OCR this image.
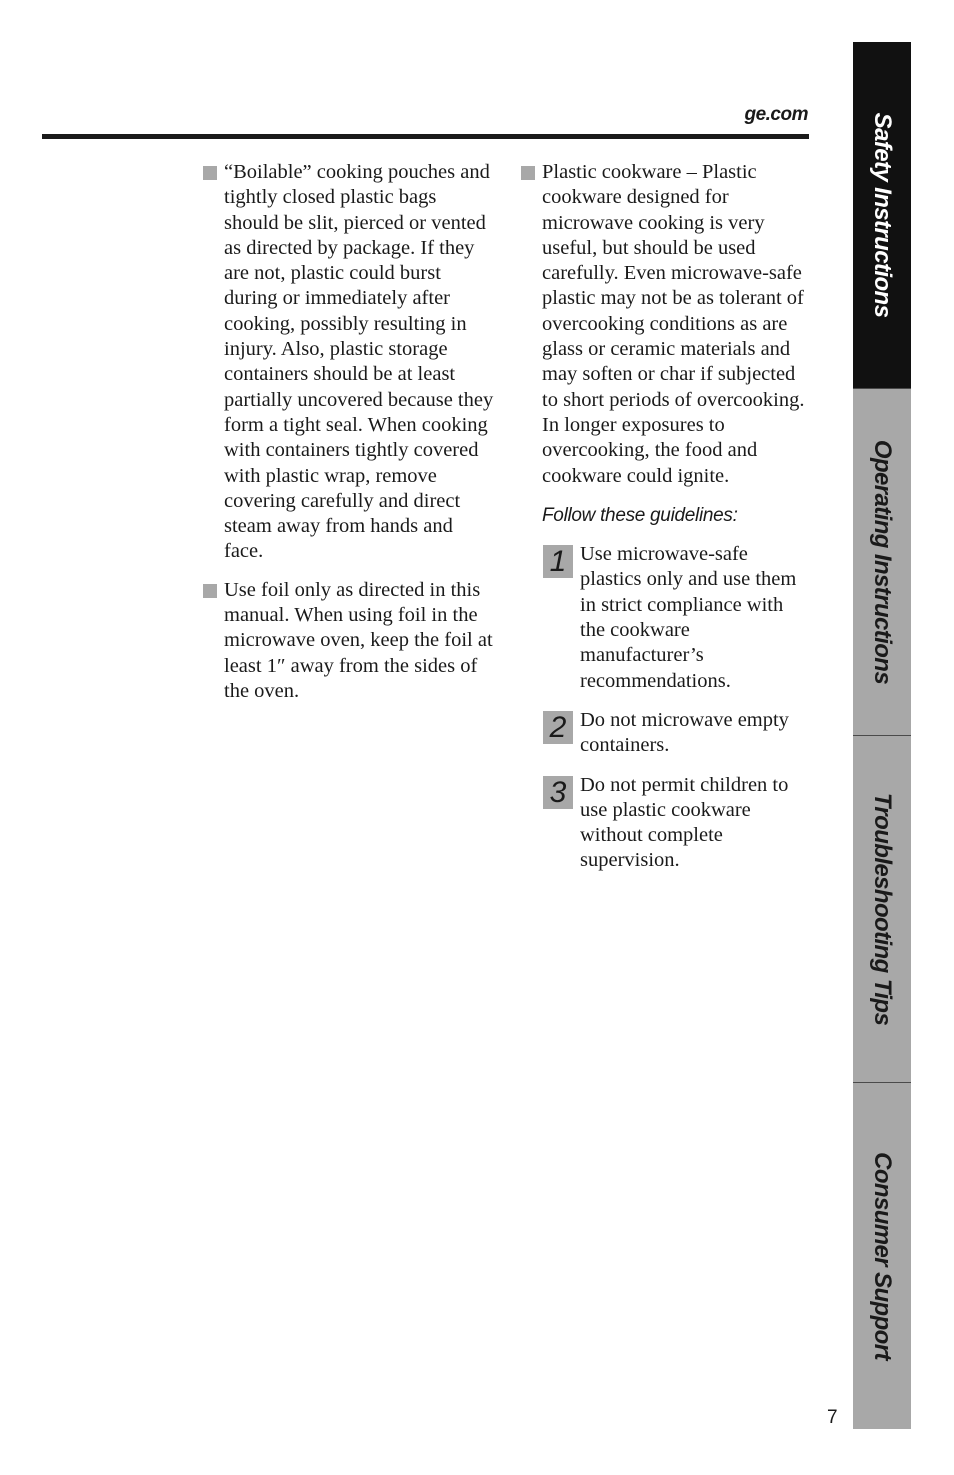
ge.com
“Boilable” cooking pouches and tightly closed plastic bags should be slit, pierced or vented as directed by package. If they are not, plastic could burst during or immediately after cooking, possibly resulting in injury. Also, plastic storage containers should be at least partially uncovered because they form a tight seal. When cooking with containers tightly covered with plastic wrap, remove covering carefully and direct steam away from hands and face.
Use foil only as directed in this manual. When using foil in the microwave oven, keep the foil at least 1″ away from the sides of the oven.
Plastic cookware – Plastic cookware designed for microwave cooking is very useful, but should be used carefully. Even microwave-safe plastic may not be as tolerant of overcooking conditions as are glass or ceramic materials and may soften or char if subjected to short periods of overcooking. In longer exposures to overcooking, the food and cookware could ignite.
Follow these guidelines:
1 Use microwave-safe plastics only and use them in strict compliance with the cookware manufacturer’s recommendations.
2 Do not microwave empty containers.
3 Do not permit children to use plastic cookware without complete supervision.
Safety Instructions
Operating Instructions
Troubleshooting Tips
Consumer Support
7
